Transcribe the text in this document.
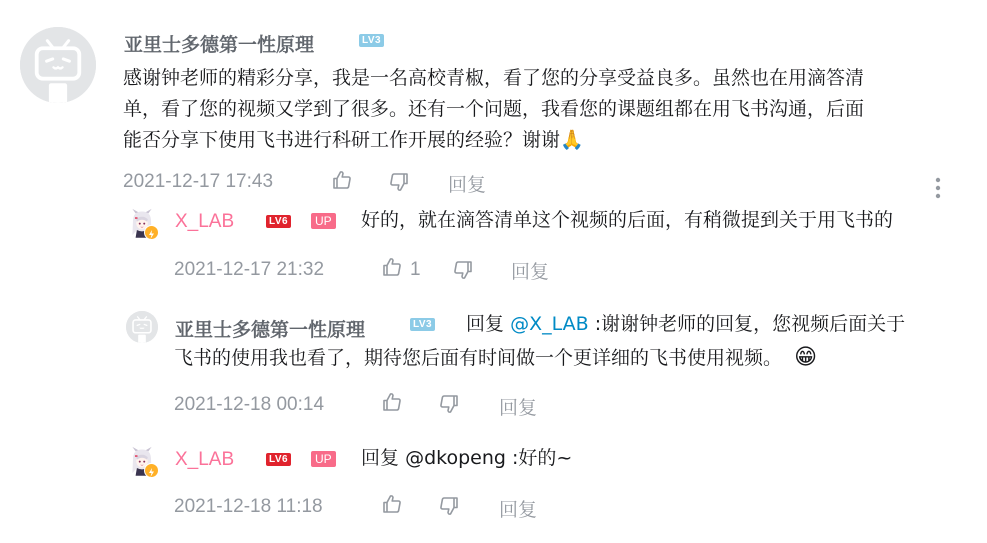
亚里士多德第一性原理	LV3
感谢钟老师的精彩分享，我是一名高校青椒，看了您的分享受益良多。虽然也在用滴答清
单，看了您的视频又学到了很多。还有一个问题，我看您的课题组都在用飞书沟通，后面
能否分享下使用飞书进行科研工作开展的经验？谢谢🙏
2021-12-17 17:43	回复
X_LAB	LV6	UP 好的，就在滴答清单这个视频的后面，有稍微提到关于用飞书的
2021-12-17 21:32	1	回复
亚里士多德第一性原理	LV3 回复 @X_LAB :谢谢钟老师的回复，您视频后面关于
飞书的使用我也看了，期待您后面有时间做一个更详细的飞书使用视频。 😁
2021-12-18 00:14	回复
X_LAB	LV6	UP 回复 @dkopeng :好的~
2021-12-18 11:18	回复
